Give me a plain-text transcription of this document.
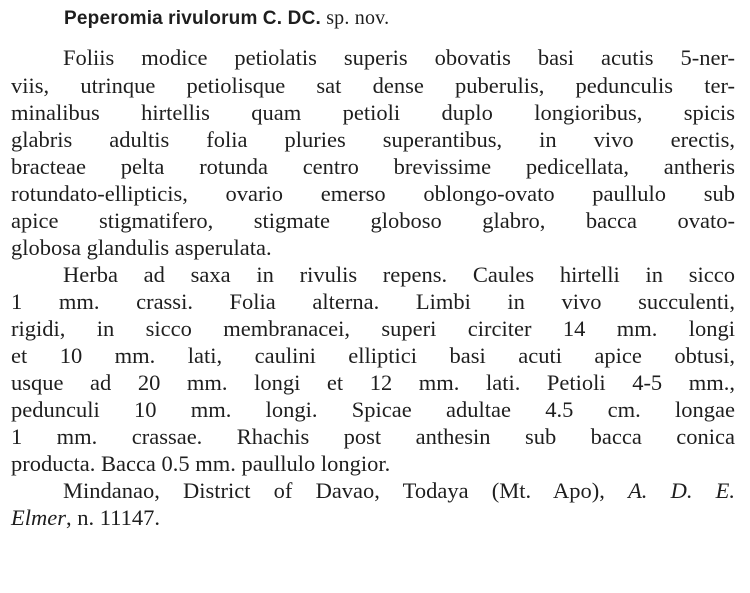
Peperomia rivulorum C. DC. sp. nov.
Foliis modice petiolatis superis obovatis basi acutis 5-ner-
viis, utrinque petiolisque sat dense puberulis, pedunculis ter-
minalibus hirtellis quam petioli duplo longioribus, spicis
glabris adultis folia pluries superantibus, in vivo erectis,
bracteae pelta rotunda centro brevissime pedicellata, antheris
rotundato-ellipticis, ovario emerso oblongo-ovato paullulo sub
apice stigmatifero, stigmate globoso glabro, bacca ovato-
globosa glandulis asperulata.
Herba ad saxa in rivulis repens. Caules hirtelli in sicco
1 mm. crassi. Folia alterna. Limbi in vivo succulenti,
rigidi, in sicco membranacei, superi circiter 14 mm. longi
et 10 mm. lati, caulini elliptici basi acuti apice obtusi,
usque ad 20 mm. longi et 12 mm. lati. Petioli 4-5 mm.,
pedunculi 10 mm. longi. Spicae adultae 4.5 cm. longae
1 mm. crassae. Rhachis post anthesin sub bacca conica
producta. Bacca 0.5 mm. paullulo longior.
Mindanao, District of Davao, Todaya (Mt. Apo), A. D. E.
Elmer, n. 11147.
